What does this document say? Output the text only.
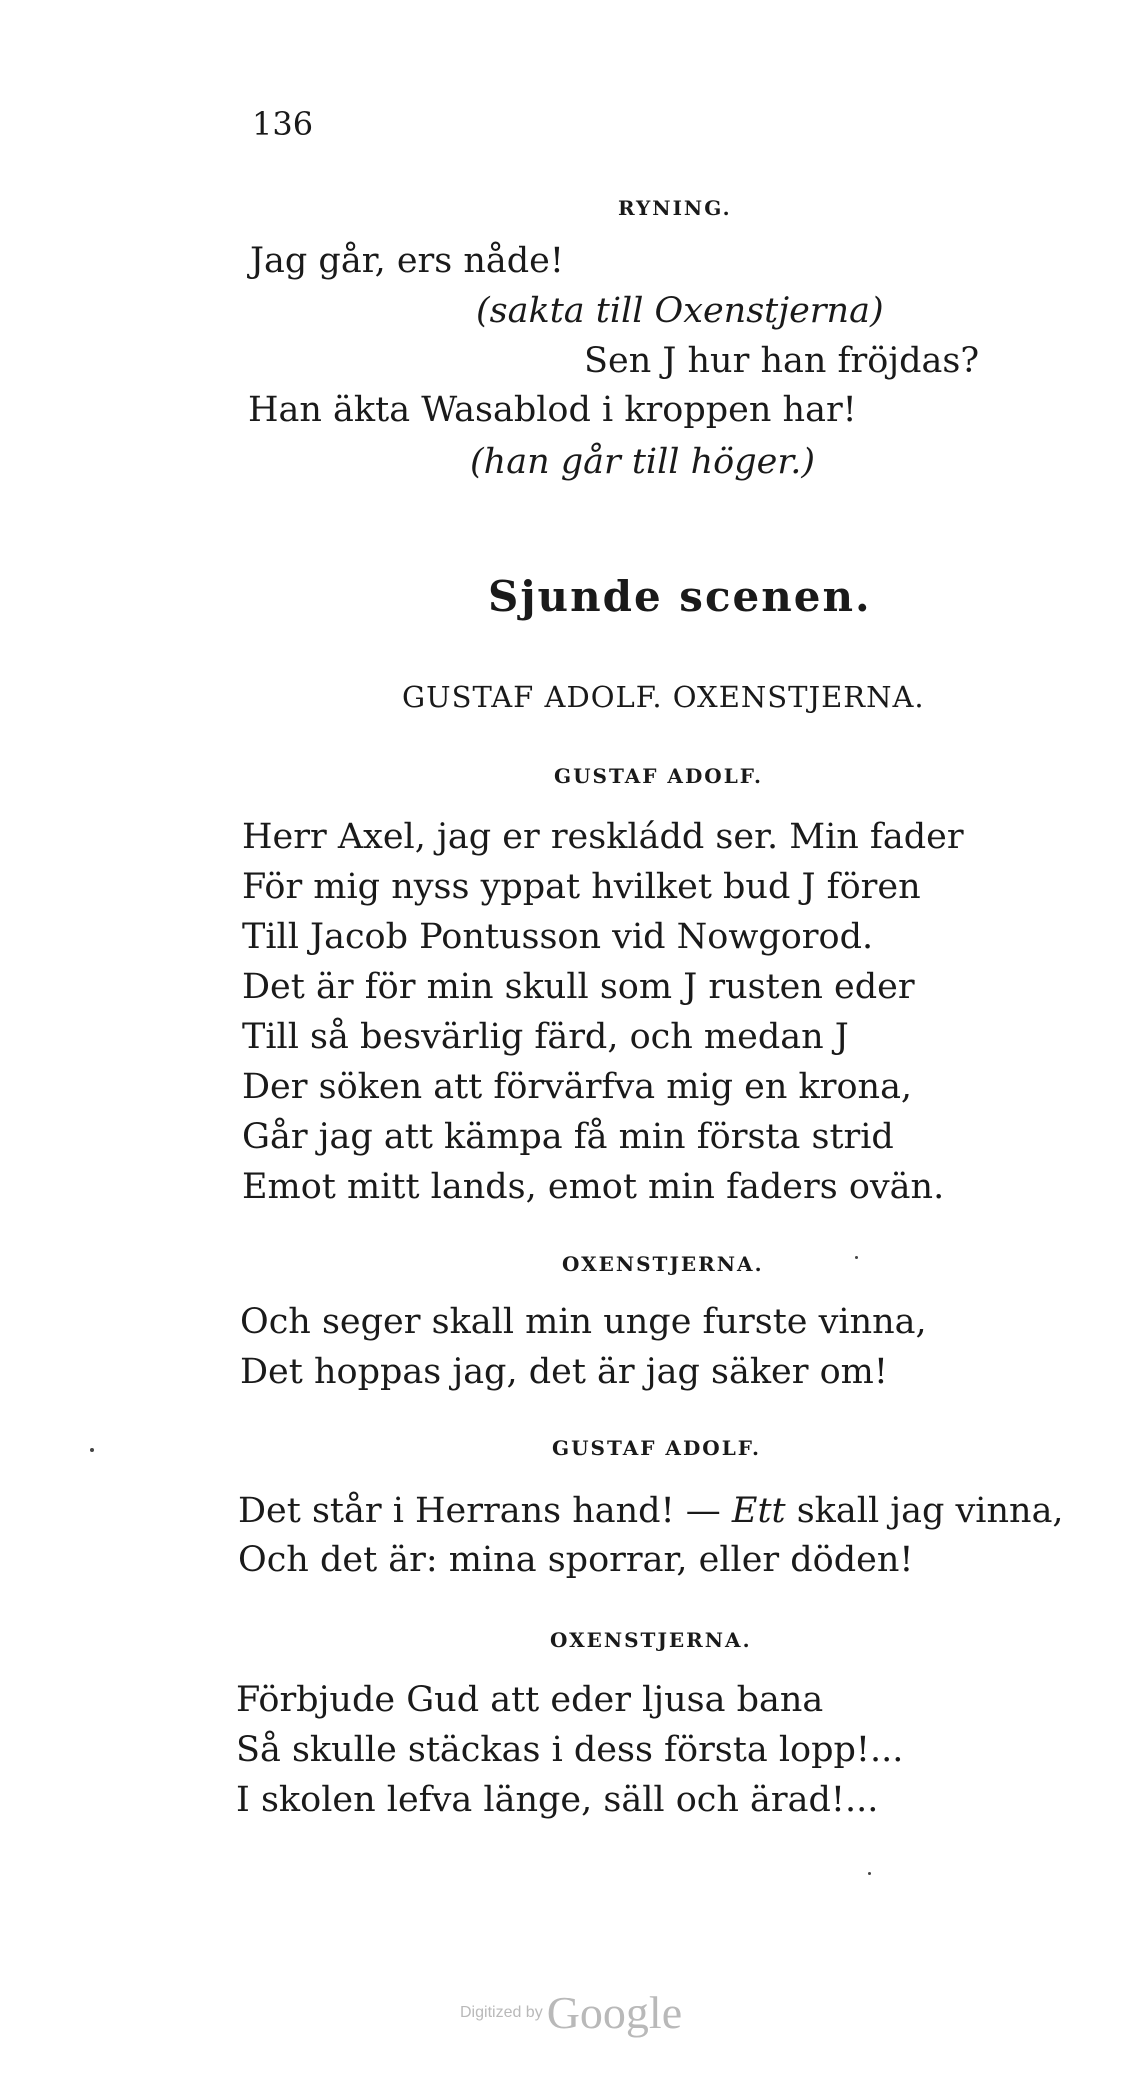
136
RYNING.
Jag går, ers nåde!
(sakta till Oxenstjerna)
Sen J hur han fröjdas?
Han äkta Wasablod i kroppen har!
(han går till höger.)
Sjunde scenen.
GUSTAF ADOLF. OXENSTJERNA.
GUSTAF ADOLF.
Herr Axel, jag er reskládd ser. Min fader
För mig nyss yppat hvilket bud J fören
Till Jacob Pontusson vid Nowgorod.
Det är för min skull som J rusten eder
Till så besvärlig färd, och medan J
Der söken att förvärfva mig en krona,
Går jag att kämpa få min första strid
Emot mitt lands, emot min faders ovän.
OXENSTJERNA.
Och seger skall min unge furste vinna,
Det hoppas jag, det är jag säker om!
GUSTAF ADOLF.
Det står i Herrans hand! — Ett skall jag vinna,
Och det är: mina sporrar, eller döden!
OXENSTJERNA.
Förbjude Gud att eder ljusa bana
Så skulle stäckas i dess första lopp!...
I skolen lefva länge, säll och ärad!...
Digitized byGoogle
